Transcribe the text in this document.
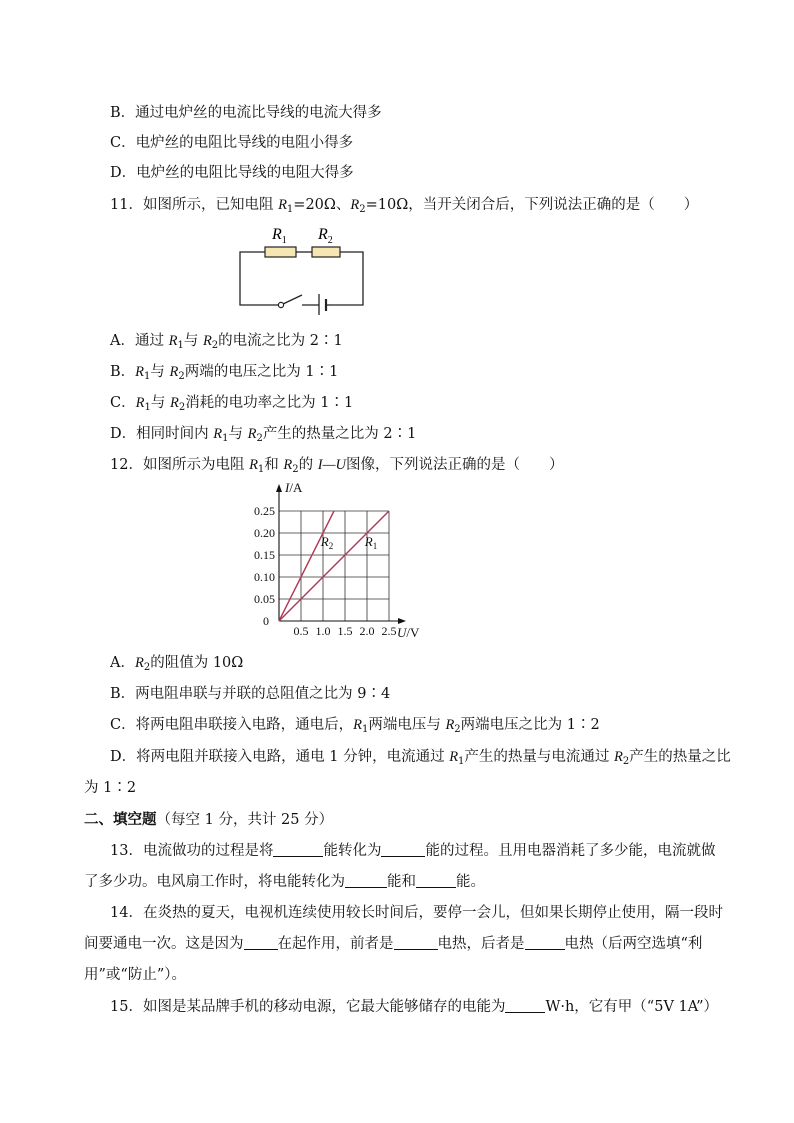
B．通过电炉丝的电流比导线的电流大得多
C．电炉丝的电阻比导线的电阻小得多
D．电炉丝的电阻比导线的电阻大得多
11．如图所示，已知电阻 $R_1=20\Omega$、$R_2=10\Omega$，当开关闭合后，下列说法正确的是（　　）
$R_1$ $R_2$
A．通过 $R_1$与 $R_2$的电流之比为 2∶1
B．$R_1$与 $R_2$两端的电压之比为 1∶1
C．$R_1$与 $R_2$消耗的电功率之比为 1∶1
D．相同时间内 $R_1$与 $R_2$产生的热量之比为 2∶1
12．如图所示为电阻 $R_1$和 $R_2$的 I—U图像，下列说法正确的是（　　）
0.5 1.0 1.5 2.0 2.5
0.05
0.10
0.15
0.20
0.25
0
I/A
U/V
$R_2$ $R_1$
A．$R_2$的阻值为 10Ω
B．两电阻串联与并联的总阻值之比为 9∶4
C．将两电阻串联接入电路，通电后，$R_1$两端电压与 $R_2$两端电压之比为 1∶2
D．将两电阻并联接入电路，通电 1 分钟，电流通过 $R_1$产生的热量与电流通过 $R_2$产生的热量之比
为 1∶2
二、填空题（每空 1 分，共计 25 分）
13．电流做功的过程是将	能转化为	能的过程。且用电器消耗了多少能，电流就做
了多少功。电风扇工作时，将电能转化为	能和	能。
14．在炎热的夏天，电视机连续使用较长时间后，要停一会儿，但如果长期停止使用，隔一段时
间要通电一次。这是因为 在起作用，前者是	电热，后者是	电热（后两空选填“利
用”或“防止”）。
15．如图是某品牌手机的移动电源，它最大能够储存的电能为	W·h，它有甲（“5V 1A”）
